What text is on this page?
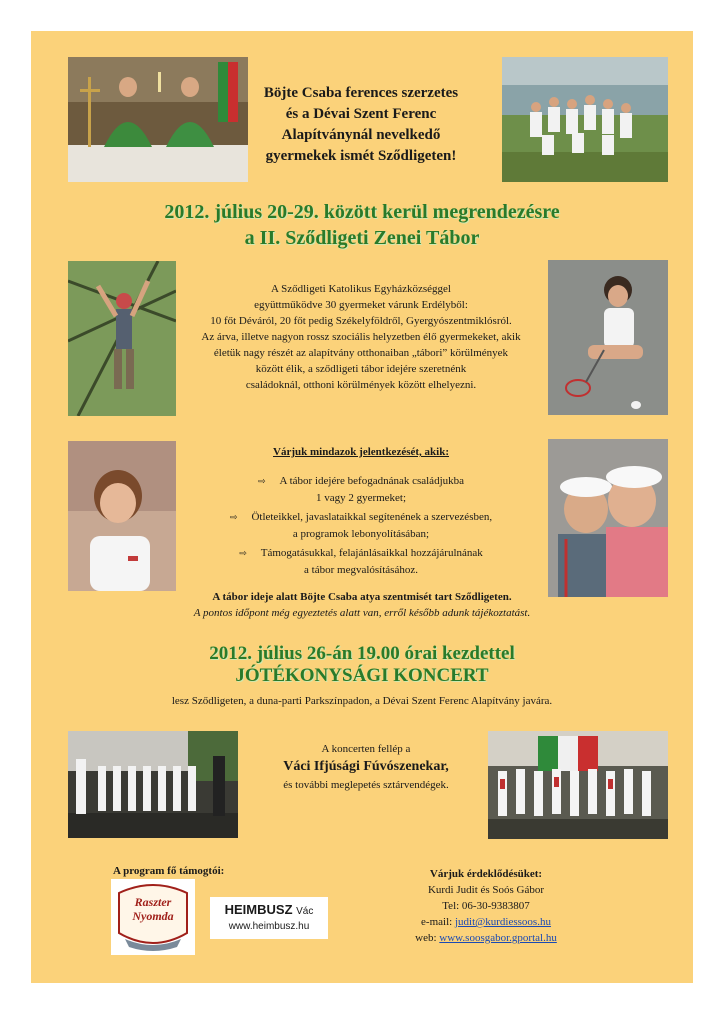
Böjte Csaba ferences szerzetes
és a Dévai Szent Ferenc
Alapítványnál nevelkedő
gyermekek ismét Sződligeten!
2012. július 20-29. között kerül megrendezésre
a II. Sződligeti Zenei Tábor
A Sződligeti Katolikus Egyházközséggel
együttműködve 30 gyermeket várunk Erdélyből:
10 főt Déváról, 20 főt pedig Székelyföldről, Gyergyószentmiklósról.
Az árva, illetve nagyon rossz szociális helyzetben élő gyermekeket, akik
életük nagy részét az alapítvány otthonaiban „tábori” körülmények
között élik, a sződligeti tábor idejére szeretnénk
családoknál, otthoni körülmények között elhelyezni.
Várjuk mindazok jelentkezését, akik:
⇨ A tábor idejére befogadnának családjukba
1 vagy 2 gyermeket;
⇨ Ötleteikkel, javaslataikkal segítenének a szervezésben,
a programok lebonyolításában;
⇨ Támogatásukkal, felajánlásaikkal hozzájárulnának
a tábor megvalósításához.
A tábor ideje alatt Böjte Csaba atya szentmisét tart Sződligeten.
A pontos időpont még egyeztetés alatt van, erről később adunk tájékoztatást.
2012. július 26-án 19.00 órai kezdettel
JÓTÉKONYSÁGI KONCERT
lesz Sződligeten, a duna-parti Parkszínpadon, a Dévai Szent Ferenc Alapítvány javára.
A koncerten fellép a
Váci Ifjúsági Fúvószenekar,
és további meglepetés sztárvendégek.
A program fő támogtói:
Raszter
Nyomda	HEIMBUSZ Vác
www.heimbusz.hu
Várjuk érdeklődésüket:
Kurdi Judit és Soós Gábor
Tel: 06-30-9383807
e-mail: judit@kurdiessoos.hu
web: www.soosgabor.gportal.hu
